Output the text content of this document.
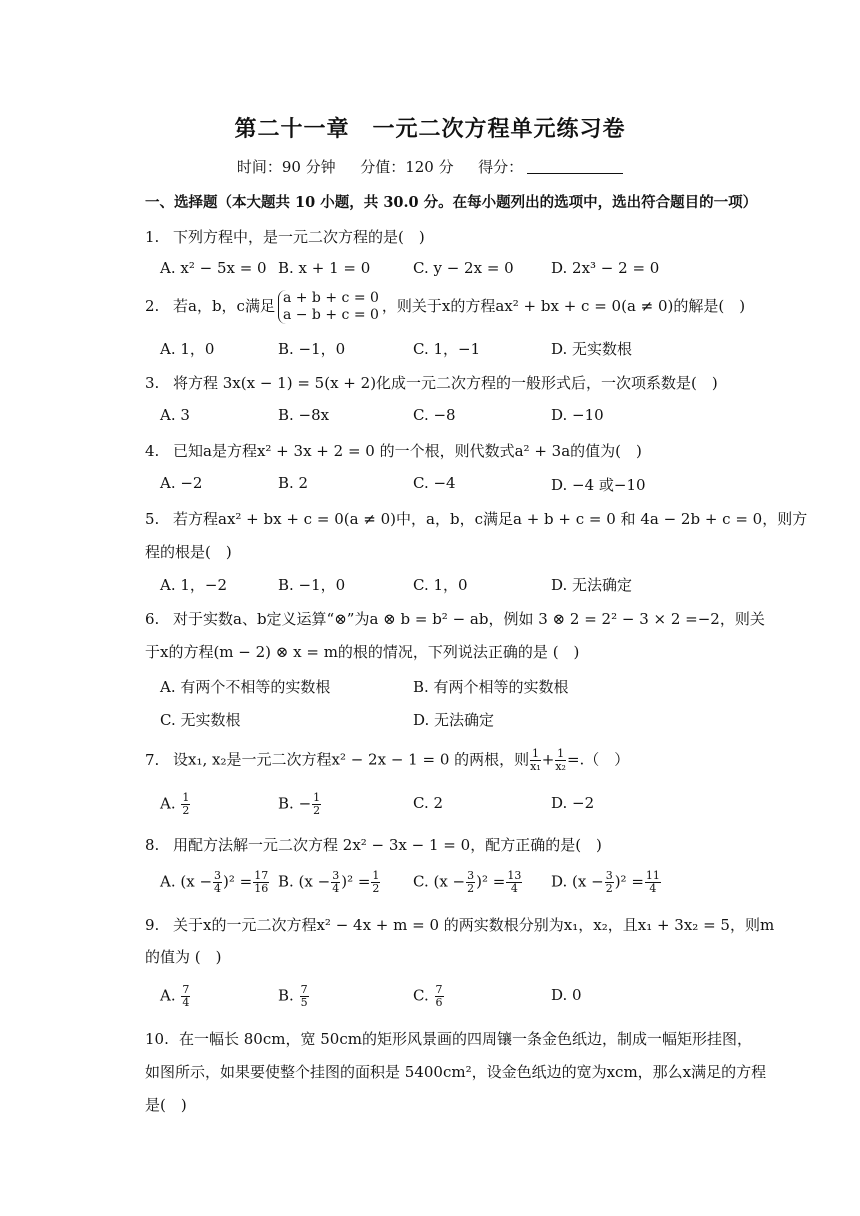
第二十一章　一元二次方程单元练习卷
时间：90 分钟　  分值：120 分　  得分：
一、选择题（本大题共 10 小题，共 30.0 分。在每小题列出的选项中，选出符合题目的一项）
1. 下列方程中，是一元二次方程的是(　)
A. x² − 5x = 0 B. x + 1 = 0	C. y − 2x = 0 D. 2x³ − 2 = 0
2. 若a，b，c满足 a + b + c = 0
a − b + c = 0 ，则关于x的方程ax² + bx + c = 0(a ≠ 0)的解是(　)
A. 1，0	B. −1，0	C. 1，−1	D. 无实数根
3. 将方程 3x(x − 1) = 5(x + 2)化成一元二次方程的一般形式后，一次项系数是(　)
A. 3	B. −8x	C. −8	D. −10
4. 已知a是方程x² + 3x + 2 = 0 的一个根，则代数式a² + 3a的值为(　)
A. −2	B. 2	C. −4	D. −4 或−10
5. 若方程ax² + bx + c = 0(a ≠ 0)中，a，b，c满足a + b + c = 0 和 4a − 2b + c = 0，则方
程的根是(　)
A. 1，−2	B. −1，0	C. 1，0	D. 无法确定
6. 对于实数a、b定义运算“⊗”为a ⊗ b = b² − ab，例如 3 ⊗ 2 = 2² − 3 × 2 =−2，则关
于x的方程(m − 2) ⊗ x = m的根的情况，下列说法正确的是 (　)
A. 有两个不相等的实数根	B. 有两个相等的实数根
C. 无实数根	D. 无法确定
7. 设x₁, x₂是一元二次方程x² − 2x − 1 = 0 的两根，则 $\frac{1}{\text{x₁}} + \frac{1}{\text{x₂}}$ =.（　）
A. $\frac{1}{2}$	B. − $\frac{1}{2}$	C. 2	D. −2
8. 用配方法解一元二次方程 2x² − 3x − 1 = 0，配方正确的是(　)
A. $(x - \frac{3}{4} )^2 = \frac{17}{16} B$. $(x - \frac{3}{4} )^2 = \frac{1}{2} C$. $(x - \frac{3}{2} )^2 = \frac{13}{4} D$. $(x - \frac{3}{2} )^2 = \frac{11}{4}$
9. 关于x的一元二次方程x² − 4x + m = 0 的两实数根分别为x₁，x₂，且x₁ + 3x₂ = 5，则m
的值为 (　)
A. $\frac{7}{4}$	B. $\frac{7}{5}$	C. $\frac{7}{6}$	D. 0
10. 在一幅长 80cm，宽 50cm的矩形风景画的四周镶一条金色纸边，制成一幅矩形挂图，
如图所示，如果要使整个挂图的面积是 5400cm²，设金色纸边的宽为xcm，那么x满足的方程
是(　)
